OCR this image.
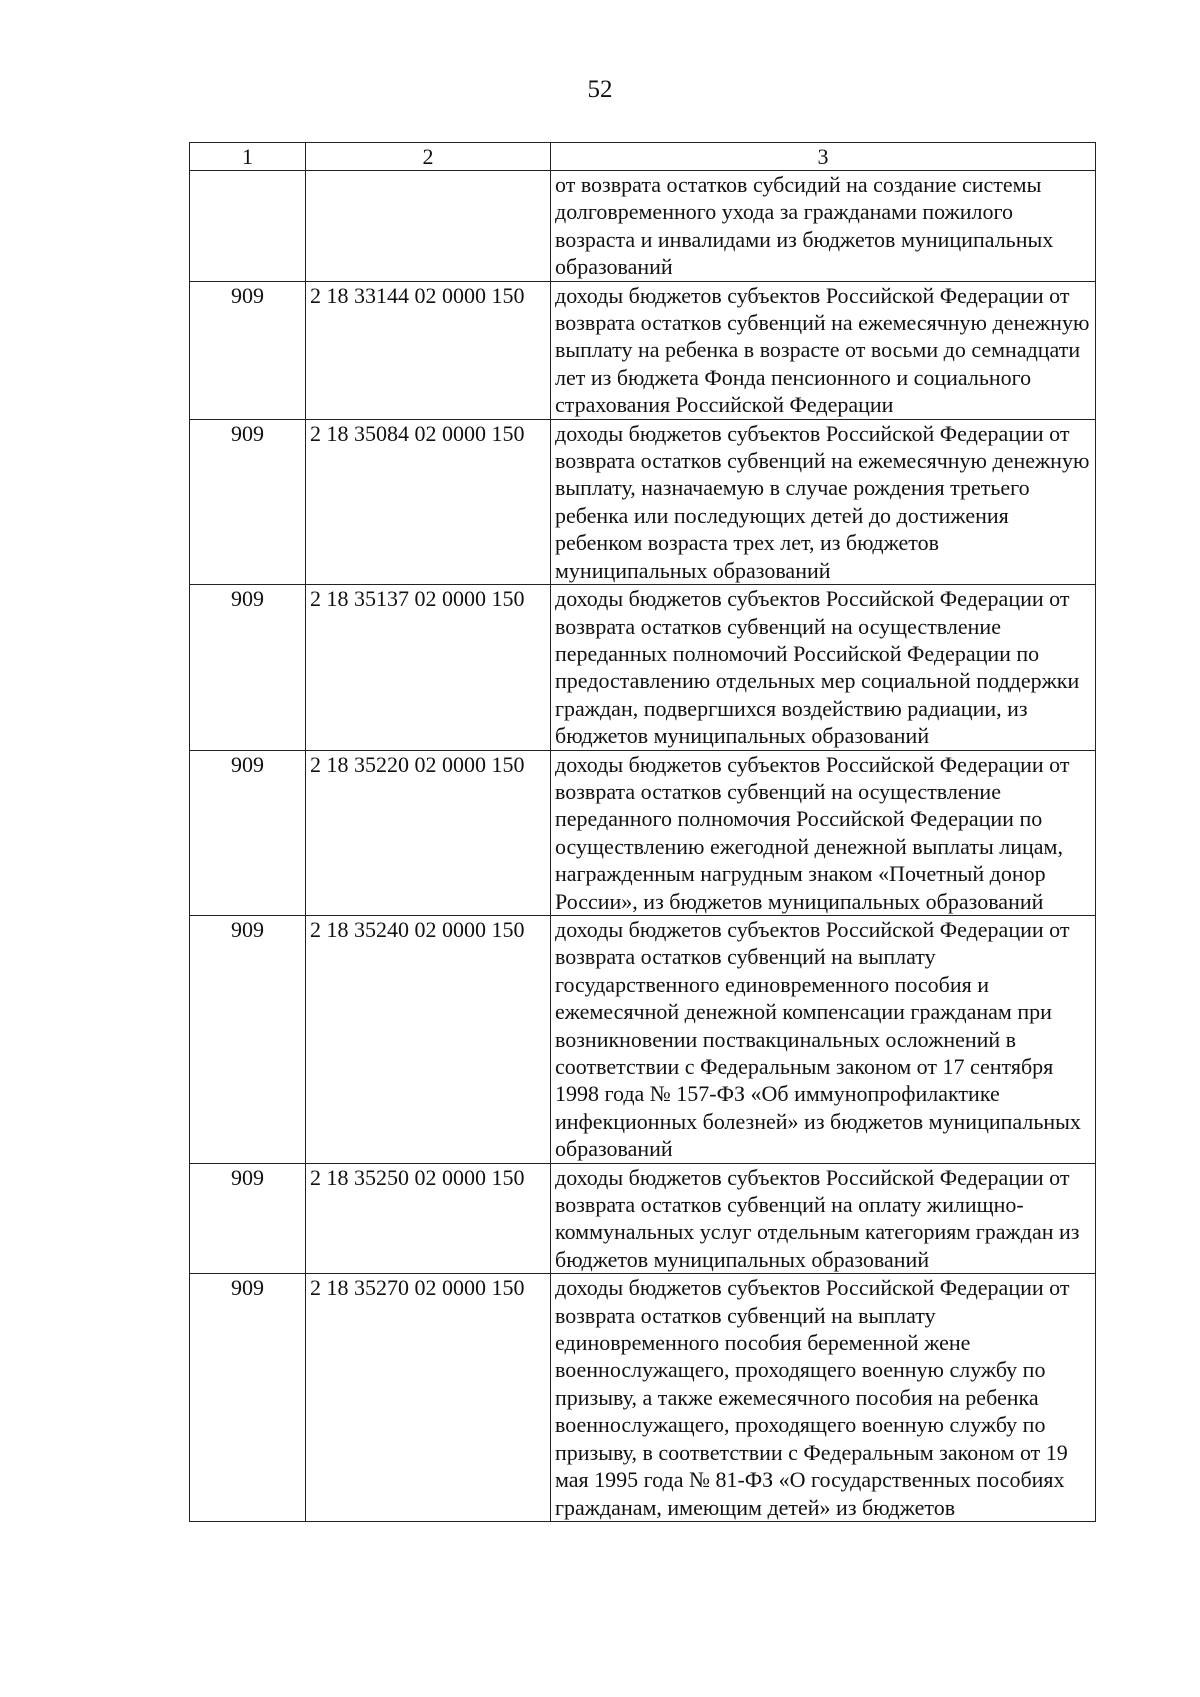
52
1	2	3
		от возврата остатков субсидий на создание системы долговременного ухода за гражданами пожилого возраста и инвалидами из бюджетов муниципальных образований
909	2 18 33144 02 0000 150	доходы бюджетов субъектов Российской Федерации от возврата остатков субвенций на ежемесячную денежную выплату на ребенка в возрасте от восьми до семнадцати лет из бюджета Фонда пенсионного и социального страхования Российской Федерации
909	2 18 35084 02 0000 150	доходы бюджетов субъектов Российской Федерации от возврата остатков субвенций на ежемесячную денежную выплату, назначаемую в случае рождения третьего ребенка или последующих детей до достижения ребенком возраста трех лет, из бюджетов муниципальных образований
909	2 18 35137 02 0000 150	доходы бюджетов субъектов Российской Федерации от возврата остатков субвенций на осуществление переданных полномочий Российской Федерации по предоставлению отдельных мер социальной поддержки граждан, подвергшихся воздействию радиации, из бюджетов муниципальных образований
909	2 18 35220 02 0000 150	доходы бюджетов субъектов Российской Федерации от возврата остатков субвенций на осуществление переданного полномочия Российской Федерации по осуществлению ежегодной денежной выплаты лицам, награжденным нагрудным знаком «Почетный донор России», из бюджетов муниципальных образований
909	2 18 35240 02 0000 150	доходы бюджетов субъектов Российской Федерации от возврата остатков субвенций на выплату государственного единовременного пособия и ежемесячной денежной компенсации гражданам при возникновении поствакцинальных осложнений в соответствии с Федеральным законом от 17 сентября 1998 года № 157-ФЗ «Об иммунопрофилактике инфекционных болезней» из бюджетов муниципальных образований
909	2 18 35250 02 0000 150	доходы бюджетов субъектов Российской Федерации от возврата остатков субвенций на оплату жилищно-коммунальных услуг отдельным категориям граждан из бюджетов муниципальных образований
909	2 18 35270 02 0000 150	доходы бюджетов субъектов Российской Федерации от возврата остатков субвенций на выплату единовременного пособия беременной жене военнослужащего, проходящего военную службу по призыву, а также ежемесячного пособия на ребенка военнослужащего, проходящего военную службу по призыву, в соответствии с Федеральным законом от 19 мая 1995 года № 81-ФЗ «О государственных пособиях гражданам, имеющим детей» из бюджетов
